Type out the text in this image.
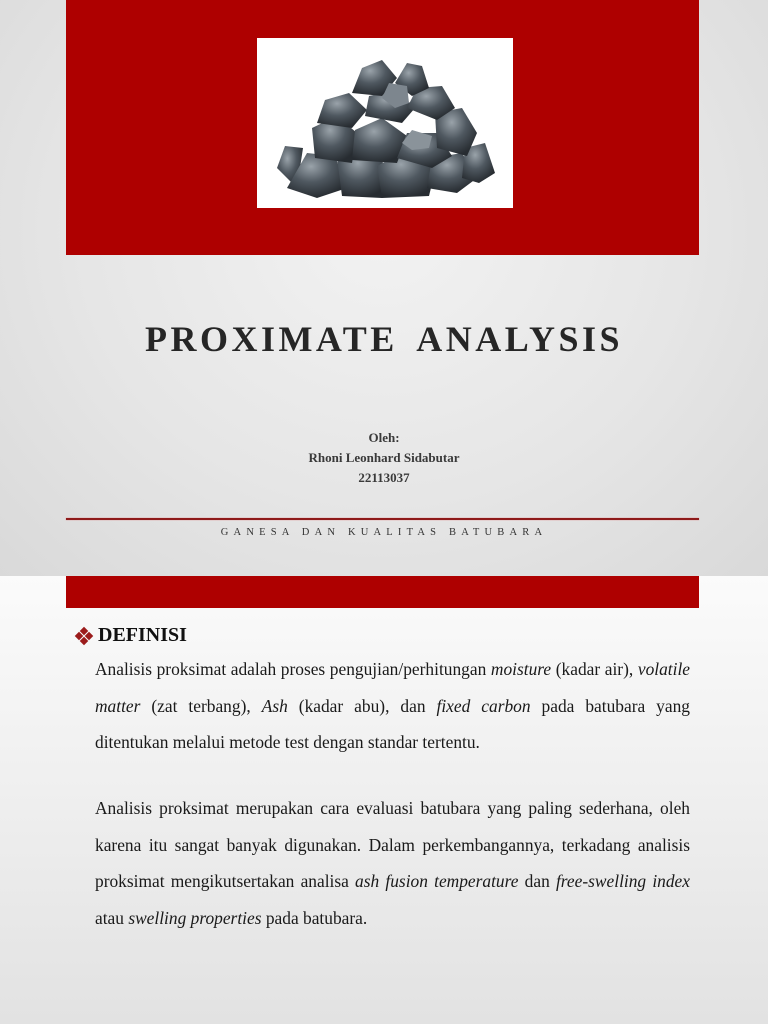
PROXIMATE ANALYSIS
Oleh:
Rhoni Leonhard Sidabutar
22113037
GANESA DAN KUALITAS BATUBARA
DEFINISI
Analisis proksimat adalah proses pengujian/perhitungan moisture (kadar air), volatile matter (zat terbang), Ash (kadar abu), dan fixed carbon pada batubara yang ditentukan melalui metode test dengan standar tertentu.
Analisis proksimat merupakan cara evaluasi batubara yang paling sederhana, oleh karena itu sangat banyak digunakan. Dalam perkembangannya, terkadang analisis proksimat mengikutsertakan analisa ash fusion temperature dan free-swelling index atau swelling properties pada batubara.
